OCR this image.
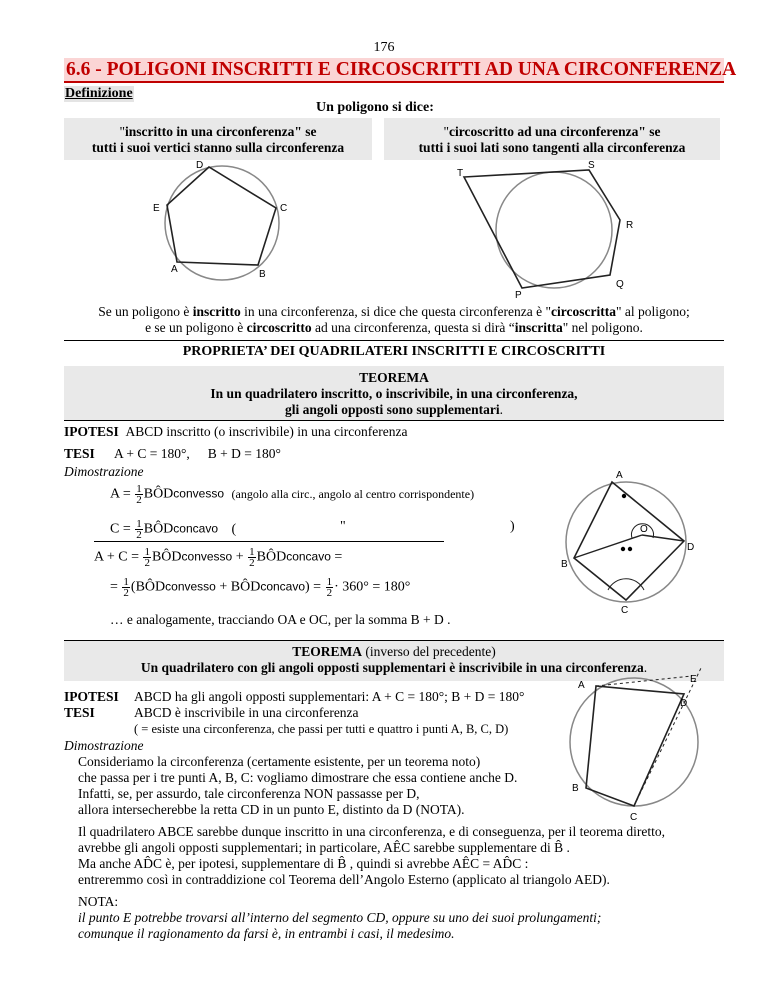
176
6.6 - POLIGONI INSCRITTI E CIRCOSCRITTI AD UNA CIRCONFERENZA
Definizione
Un poligono si dice:
"inscritto in una circonferenza" se
tutti i suoi vertici stanno sulla circonferenza
"circoscritto ad una circonferenza" se
tutti i suoi lati sono tangenti alla circonferenza
D
E	C
A	B
T
S
R
Q
P
Se un poligono è inscritto in una circonferenza, si dice che questa circonferenza è "circoscritta" al poligono;
e se un poligono è circoscritto ad una circonferenza, questa si dirà “inscritta" nel poligono.
PROPRIETA’ DEI QUADRILATERI INSCRITTI E CIRCOSCRITTI
TEOREMA
In un quadrilatero inscritto, o inscrivibile, in una circonferenza,
gli angoli opposti sono supplementari.
IPOTESI ABCD inscritto (o inscrivibile) in una circonferenza
TESI A + C = 180°, B + D = 180°
Dimostrazione
$A = \frac{1}{2}$ BÔDconvesso (angolo alla circ., angolo al centro corrispondente)
$C = \frac{1}{2}$ BÔDconcavo (	"	)
$A + C = \frac{1}{2}$ BÔDconvesso + $\frac{1}{2}$ BÔDconcavo =
= $\frac{1}{2}$ (BÔDconvesso + BÔDconcavo) = $\frac{1}{2} \cdot 360^\circ = 180^\circ$
… e analogamente, tracciando OA e OC, per la somma B + D .
A
O
D
B
C
TEOREMA (inverso del precedente)
Un quadrilatero con gli angoli opposti supplementari è inscrivibile in una circonferenza.
IPOTESI ABCD ha gli angoli opposti supplementari: A + C = 180°; B + D = 180°
TESI	ABCD è inscrivibile in una circonferenza
( = esiste una circonferenza, che passi per tutti e quattro i punti A, B, C, D)
Dimostrazione
Consideriamo la circonferenza (certamente esistente, per un teorema noto)
che passa per i tre punti A, B, C: vogliamo dimostrare che essa contiene anche D.
Infatti, se, per assurdo, tale circonferenza NON passasse per D,
allora intersecherebbe la retta CD in un punto E, distinto da D (NOTA).
Il quadrilatero ABCE sarebbe dunque inscritto in una circonferenza, e di conseguenza, per il teorema diretto,
avrebbe gli angoli opposti supplementari; in particolare, AÊC sarebbe supplementare di B̂ .
Ma anche AD̂C è, per ipotesi, supplementare di B̂ , quindi si avrebbe AÊC = AD̂C :
entreremmo così in contraddizione col Teorema dell’Angolo Esterno (applicato al triangolo AED).
NOTA:
il punto E potrebbe trovarsi all’interno del segmento CD, oppure su uno dei suoi prolungamenti;
comunque il ragionamento da farsi è, in entrambi i casi, il medesimo.
A
E
D
B
C
